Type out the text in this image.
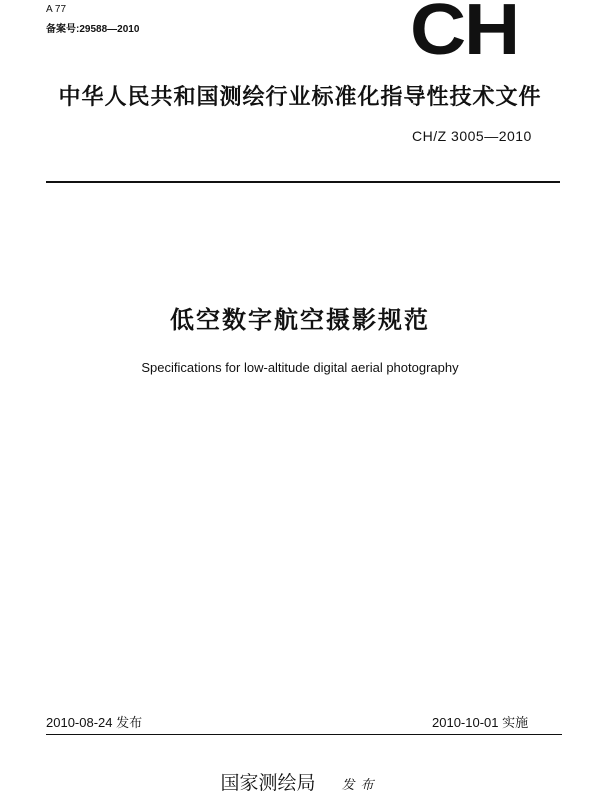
A 77
备案号:29588—2010	CH
中华人民共和国测绘行业标准化指导性技术文件
CH/Z 3005—2010
低空数字航空摄影规范
Specifications for low-altitude digital aerial photography
2010-08-24 发布	2010-10-01 实施
国家测绘局 发布
